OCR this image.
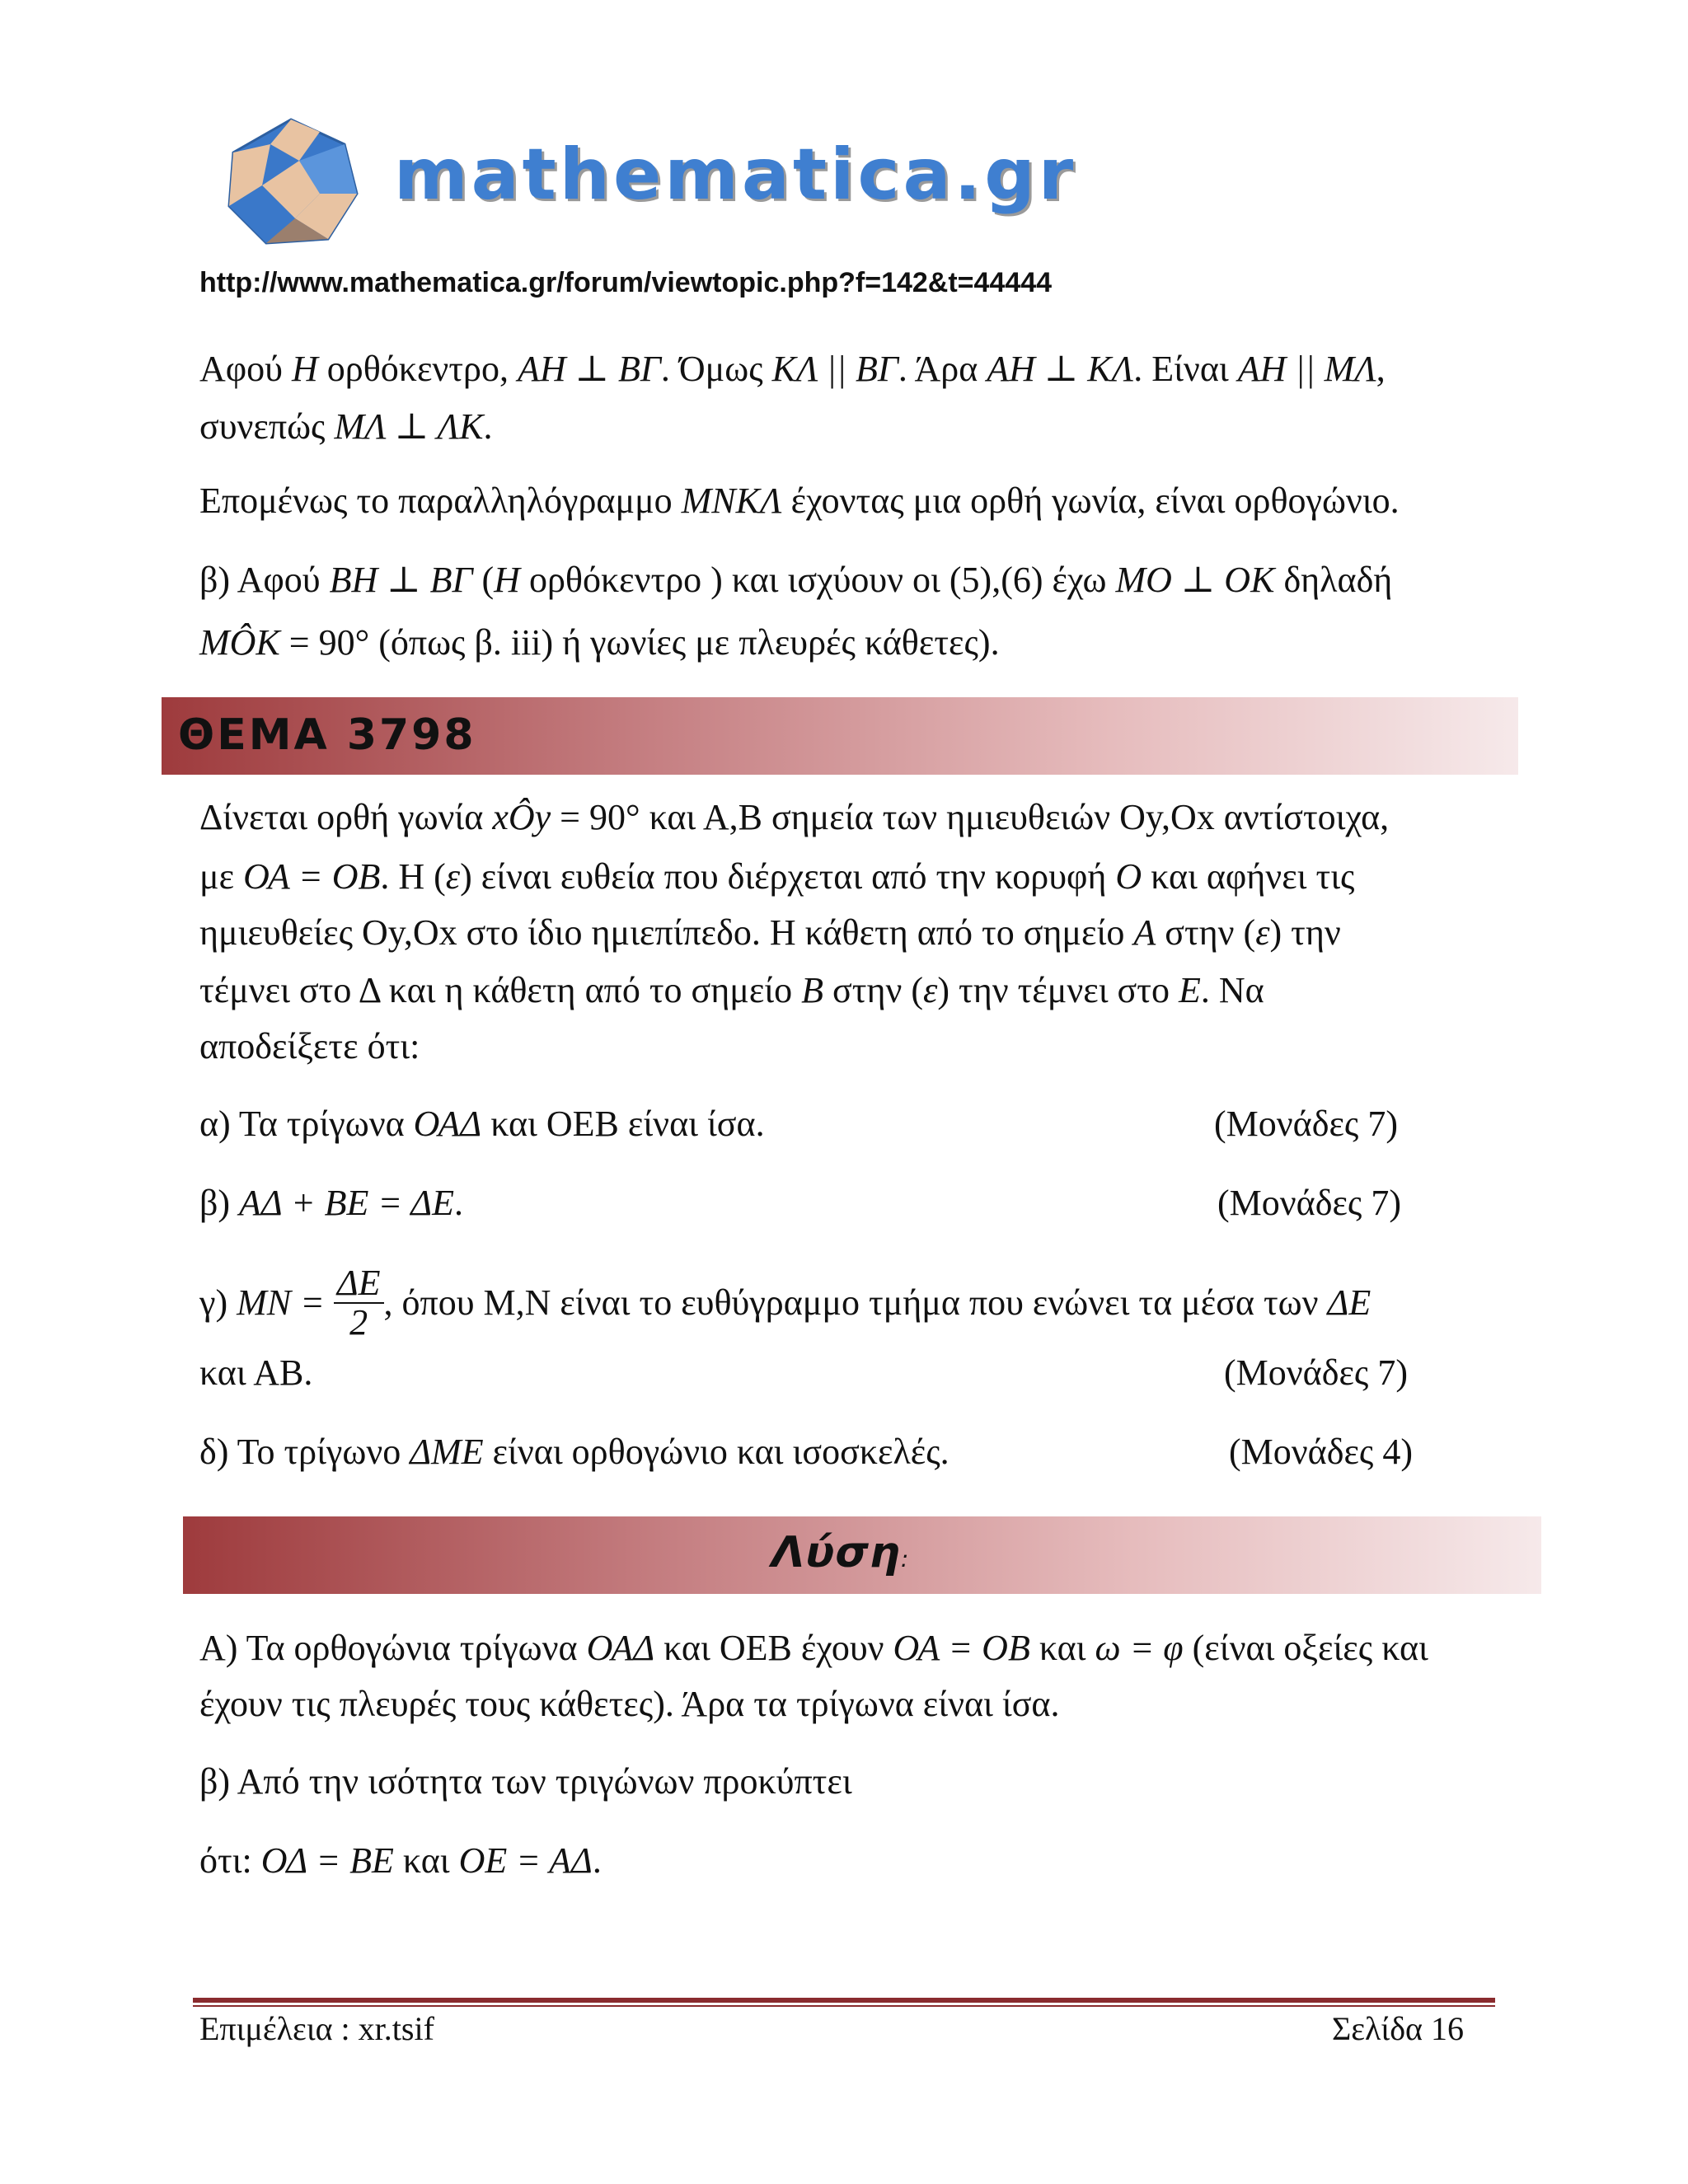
mathematica.gr
http://www.mathematica.gr/forum/viewtopic.php?f=142&t=44444
Αφού Η ορθόκεντρο, ΑΗ ⊥ ΒΓ. Όμως ΚΛ || ΒΓ. Άρα ΑΗ ⊥ ΚΛ. Είναι ΑΗ || ΜΛ,
συνεπώς ΜΛ ⊥ ΛΚ.
Επομένως το παραλληλόγραμμο ΜΝΚΛ έχοντας μια ορθή γωνία, είναι ορθογώνιο.
β) Αφού ΒΗ ⊥ ΒΓ (Η ορθόκεντρο ) και ισχύουν οι (5),(6) έχω ΜΟ ⊥ ΟΚ δηλαδή
ΜÔΚ = 90° (όπως β. iii) ή γωνίες με πλευρές κάθετες).
ΘΕΜΑ 3798
Δίνεται ορθή γωνία xÔy = 90° και Α,Β σημεία των ημιευθειών Οy,Οx αντίστοιχα,
με ΟΑ = ΟΒ. Η (ε) είναι ευθεία που διέρχεται από την κορυφή Ο και αφήνει τις
ημιευθείες Οy,Οx στο ίδιο ημιεπίπεδο. Η κάθετη από το σημείο Α στην (ε) την
τέμνει στο Δ και η κάθετη από το σημείο Β στην (ε) την τέμνει στο Ε. Να
αποδείξετε ότι:
α) Τα τρίγωνα ΟΑΔ και ΟΕΒ είναι ίσα.	(Μονάδες 7)
β) ΑΔ + ΒΕ = ΔΕ.	(Μονάδες 7)
γ) $MN = \frac{\Delta E}{2}$ , όπου Μ,Ν είναι το ευθύγραμμο τμήμα που ενώνει τα μέσα των ΔΕ
και ΑΒ.	(Μονάδες 7)
δ) Το τρίγωνο ΔΜΕ είναι ορθογώνιο και ισοσκελές.	(Μονάδες 4)
Λύση:
Α) Τα ορθογώνια τρίγωνα ΟΑΔ και ΟΕΒ έχουν ΟΑ = ΟΒ και ω = φ (είναι οξείες και
έχουν τις πλευρές τους κάθετες). Άρα τα τρίγωνα είναι ίσα.
β) Από την ισότητα των τριγώνων προκύπτει
ότι: ΟΔ = ΒΕ και ΟΕ = ΑΔ.
Επιμέλεια : xr.tsif	Σελίδα 16
